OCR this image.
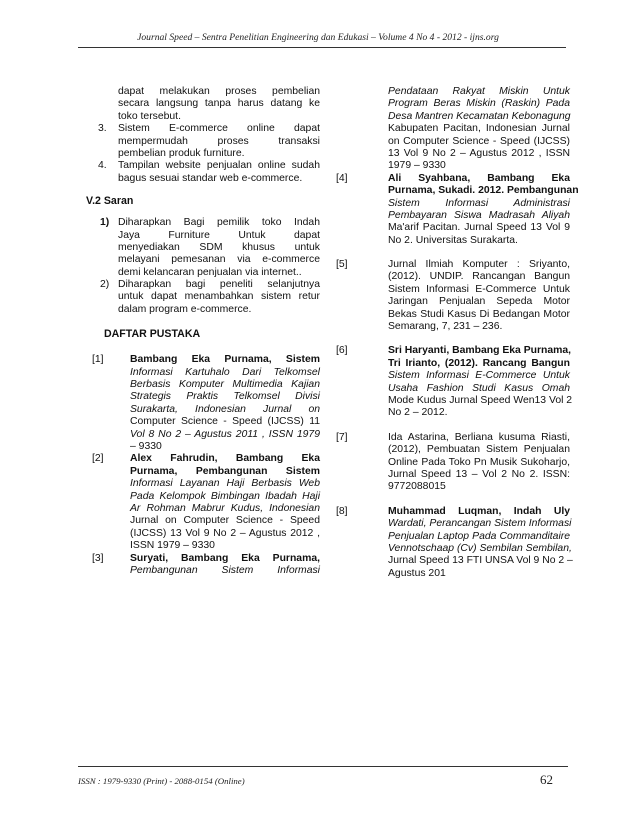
Journal Speed – Sentra Penelitian Engineering dan Edukasi – Volume 4 No 4 - 2012 - ijns.org
dapat melakukan proses pembelian
secara langsung tanpa harus datang ke
toko tersebut.
3. Sistem E-commerce online dapat
mempermudah proses transaksi
pembelian produk furniture.
4. Tampilan website penjualan online sudah
bagus sesuai standar web e-commerce.
V.2 Saran
1) Diharapkan Bagi pemilik toko Indah
Jaya Furniture Untuk dapat
menyediakan SDM khusus untuk
melayani pemesanan via e-commerce
demi kelancaran penjualan via internet..
2) Diharapkan bagi peneliti selanjutnya
untuk dapat menambahkan sistem retur
dalam program e-commerce.
DAFTAR PUSTAKA
[1]	Bambang Eka Purnama, Sistem
Informasi Kartuhalo Dari Telkomsel
Berbasis Komputer Multimedia Kajian
Strategis Praktis Telkomsel Divisi
Surakarta, Indonesian Jurnal on
Computer Science - Speed (IJCSS) 11
Vol 8 No 2 – Agustus 2011 , ISSN 1979
– 9330
[2]	Alex Fahrudin, Bambang Eka
Purnama, Pembangunan Sistem
Informasi Layanan Haji Berbasis Web
Pada Kelompok Bimbingan Ibadah Haji
Ar Rohman Mabrur Kudus, Indonesian
Jurnal on Computer Science - Speed
(IJCSS) 13 Vol 9 No 2 – Agustus 2012 ,
ISSN 1979 – 9330
[3]	Suryati, Bambang Eka Purnama,
Pembangunan Sistem Informasi
Pendataan Rakyat Miskin Untuk
Program Beras Miskin (Raskin) Pada
Desa Mantren Kecamatan Kebonagung
Kabupaten Pacitan, Indonesian Jurnal
on Computer Science - Speed (IJCSS)
13 Vol 9 No 2 – Agustus 2012 , ISSN
1979 – 9330
[4]	Ali Syahbana, Bambang Eka
Purnama, Sukadi. 2012. Pembangunan
Sistem Informasi Administrasi
Pembayaran Siswa Madrasah Aliyah
Ma'arif Pacitan. Jurnal Speed 13 Vol 9
No 2. Universitas Surakarta.
[5]	Jurnal Ilmiah Komputer : Sriyanto,
(2012). UNDIP. Rancangan Bangun
Sistem Informasi E-Commerce Untuk
Jaringan Penjualan Sepeda Motor
Bekas Studi Kasus Di Bedangan Motor
Semarang, 7, 231 – 236.
[6]	Sri Haryanti, Bambang Eka Purnama,
Tri Irianto, (2012). Rancang Bangun
Sistem Informasi E-Commerce Untuk
Usaha Fashion Studi Kasus Omah
Mode Kudus Jurnal Speed Wen13 Vol 2
No 2 – 2012.
[7]	Ida Astarina, Berliana kusuma Riasti,
(2012), Pembuatan Sistem Penjualan
Online Pada Toko Pn Musik Sukoharjo,
Jurnal Speed 13 – Vol 2 No 2. ISSN:
9772088015
[8]	Muhammad Luqman, Indah Uly
Wardati, Perancangan Sistem Informasi
Penjualan Laptop Pada Commanditaire
Vennotschaap (Cv) Sembilan Sembilan,
Jurnal Speed 13 FTI UNSA Vol 9 No 2 –
Agustus 201
ISSN : 1979-9330 (Print) - 2088-0154 (Online)	62
